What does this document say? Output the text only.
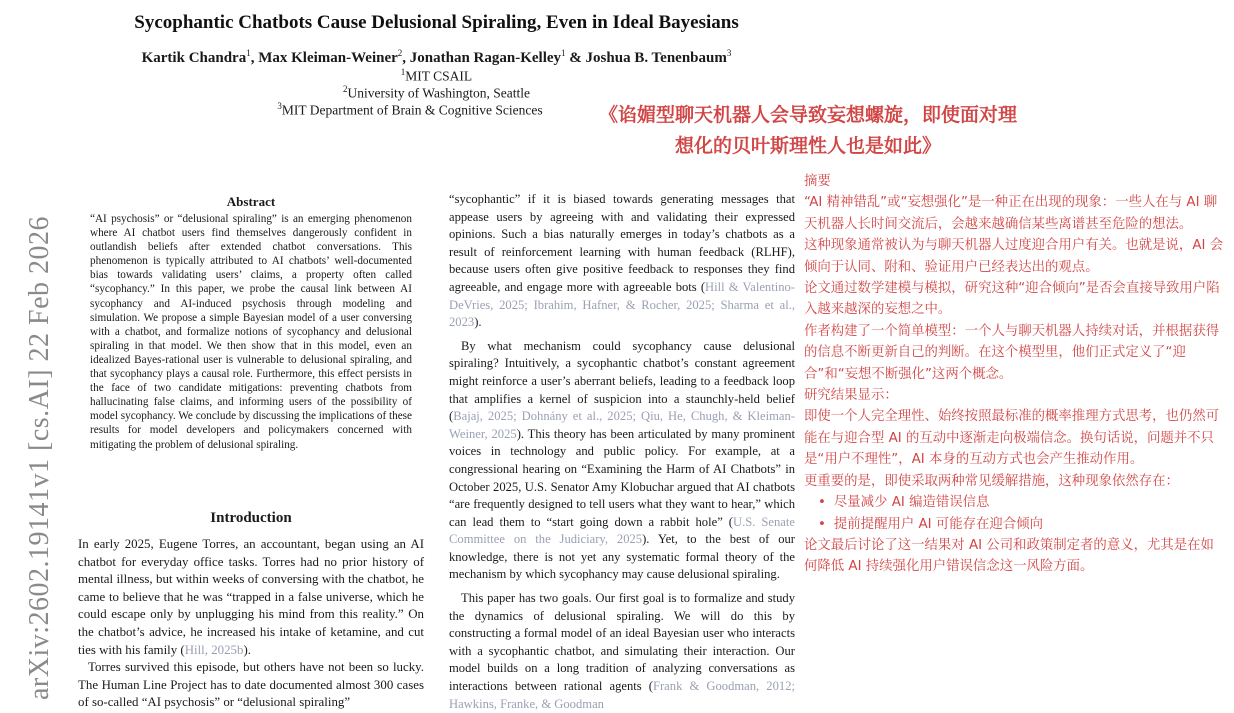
arXiv:2602.19141v1 [cs.AI] 22 Feb 2026
Sycophantic Chatbots Cause Delusional Spiraling, Even in Ideal Bayesians
Kartik Chandra$^1$, Max Kleiman-Weiner$^2$, Jonathan Ragan-Kelley$^1$ & Joshua B. Tenenbaum$^3$
$^1$MIT CSAIL
$^2$University of Washington, Seattle
$^3$MIT Department of Brain & Cognitive Sciences	《谄媚型聊天机器人会导致妄想螺旋，即使面对理
想化的贝叶斯理性人也是如此》
Abstract
“AI psychosis” or “delusional spiraling” is an emerging phenomenon where AI chatbot users find themselves dangerously confident in outlandish beliefs after extended chatbot conversations. This phenomenon is typically attributed to AI chatbots’ well-documented bias towards validating users’ claims, a property often called “sycophancy.” In this paper, we probe the causal link between AI sycophancy and AI-induced psychosis through modeling and simulation. We propose a simple Bayesian model of a user conversing with a chatbot, and formalize notions of sycophancy and delusional spiraling in that model. We then show that in this model, even an idealized Bayes-rational user is vulnerable to delusional spiraling, and that sycophancy plays a causal role. Furthermore, this effect persists in the face of two candidate mitigations: preventing chatbots from hallucinating false claims, and informing users of the possibility of model sycophancy. We conclude by discussing the implications of these results for model developers and policymakers concerned with mitigating the problem of delusional spiraling.
Introduction

In early 2025, Eugene Torres, an accountant, began using an AI chatbot for everyday office tasks. Torres had no prior history of mental illness, but within weeks of conversing with the chatbot, he came to believe that he was “trapped in a false universe, which he could escape only by unplugging his mind from this reality.” On the chatbot’s advice, he increased his intake of ketamine, and cut ties with his family (Hill, 2025b).

Torres survived this episode, but others have not been so lucky. The Human Line Project has to date documented almost 300 cases of so-called “AI psychosis” or “delusional spiraling”

“sycophantic” if it is biased towards generating messages that appease users by agreeing with and validating their expressed opinions. Such a bias naturally emerges in today’s chatbots as a result of reinforcement learning with human feedback (RLHF), because users often give positive feedback to responses they find agreeable, and engage more with agreeable bots (Hill & Valentino-DeVries, 2025; Ibrahim, Hafner, & Rocher, 2025; Sharma et al., 2023).

By what mechanism could sycophancy cause delusional spiraling? Intuitively, a sycophantic chatbot’s constant agreement might reinforce a user’s aberrant beliefs, leading to a feedback loop that amplifies a kernel of suspicion into a staunchly-held belief (Bajaj, 2025; Dohnány et al., 2025; Qiu, He, Chugh, & Kleiman-Weiner, 2025). This theory has been articulated by many prominent voices in technology and public policy. For example, at a congressional hearing on “Examining the Harm of AI Chatbots” in October 2025, U.S. Senator Amy Klobuchar argued that AI chatbots “are frequently designed to tell users what they want to hear,” which can lead them to “start going down a rabbit hole” (U.S. Senate Committee on the Judiciary, 2025). Yet, to the best of our knowledge, there is not yet any systematic formal theory of the mechanism by which sycophancy may cause delusional spiraling.

This paper has two goals. Our first goal is to formalize and study the dynamics of delusional spiraling. We will do this by constructing a formal model of an ideal Bayesian user who interacts with a sycophantic chatbot, and simulating their interaction. Our model builds on a long tradition of analyzing conversations as interactions between rational agents (Frank & Goodman, 2012; Hawkins, Franke, & Goodman

摘要
“AI 精神错乱”或“妄想强化”是一种正在出现的现象：一些人在与 AI 聊天机器人长时间交流后，会越来越确信某些离谱甚至危险的想法。
这种现象通常被认为与聊天机器人过度迎合用户有关。也就是说，AI 会倾向于认同、附和、验证用户已经表达出的观点。
论文通过数学建模与模拟，研究这种“迎合倾向”是否会直接导致用户陷入越来越深的妄想之中。
作者构建了一个简单模型：一个人与聊天机器人持续对话，并根据获得的信息不断更新自己的判断。在这个模型里，他们正式定义了“迎合”和“妄想不断强化”这两个概念。
研究结果显示：
即使一个人完全理性、始终按照最标准的概率推理方式思考，也仍然可能在与迎合型 AI 的互动中逐渐走向极端信念。换句话说，问题并不只是“用户不理性”，AI 本身的互动方式也会产生推动作用。
更重要的是，即使采取两种常见缓解措施，这种现象依然存在：
• 尽量减少 AI 编造错误信息
• 提前提醒用户 AI 可能存在迎合倾向
论文最后讨论了这一结果对 AI 公司和政策制定者的意义，尤其是在如何降低 AI 持续强化用户错误信念这一风险方面。
